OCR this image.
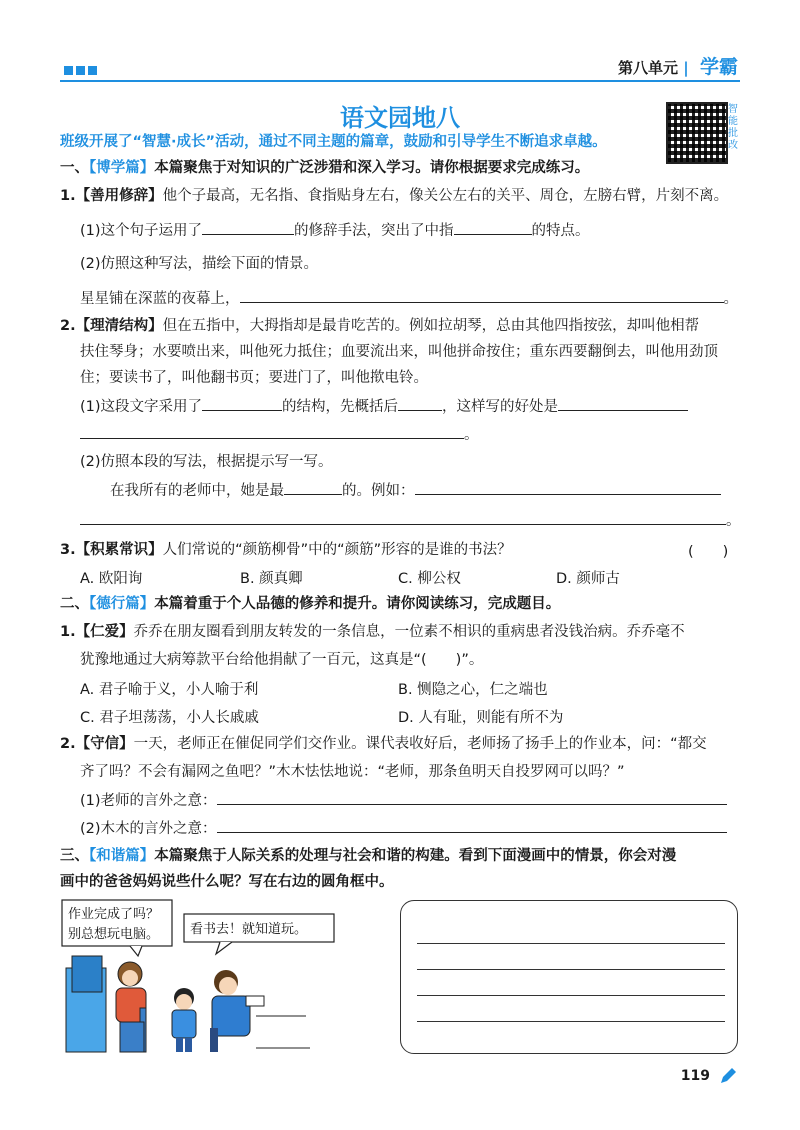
第八单元 | 学霸
语文园地八	智能批改
班级开展了“智慧·成长”活动，通过不同主题的篇章，鼓励和引导学生不断追求卓越。
一、【博学篇】本篇聚焦于对知识的广泛涉猎和深入学习。请你根据要求完成练习。
1.【善用修辞】他个子最高，无名指、食指贴身左右，像关公左右的关平、周仓，左膀右臂，片刻不离。
(1)这个句子运用了	的修辞手法，突出了中指	的特点。
(2)仿照这种写法，描绘下面的情景。
星星铺在深蓝的夜幕上，	。
2.【理清结构】但在五指中，大拇指却是最肯吃苦的。例如拉胡琴，总由其他四指按弦，却叫他相帮
扶住琴身；水要喷出来，叫他死力抵住；血要流出来，叫他拼命按住；重东西要翻倒去，叫他用劲顶
住；要读书了，叫他翻书页；要进门了，叫他揿电铃。
(1)这段文字采用了	的结构，先概括后	，这样写的好处是
。
(2)仿照本段的写法，根据提示写一写。
在我所有的老师中，她是最	的。例如：
。
3.【积累常识】人们常说的“颜筋柳骨”中的“颜筋”形容的是谁的书法？	(　　)
A. 欧阳询	B. 颜真卿	C. 柳公权	D. 颜师古
二、【德行篇】本篇着重于个人品德的修养和提升。请你阅读练习，完成题目。
1.【仁爱】乔乔在朋友圈看到朋友转发的一条信息，一位素不相识的重病患者没钱治病。乔乔毫不
犹豫地通过大病筹款平台给他捐献了一百元，这真是“(　　)”。
A. 君子喻于义，小人喻于利	B. 恻隐之心，仁之端也
C. 君子坦荡荡，小人长戚戚	D. 人有耻，则能有所不为
2.【守信】一天，老师正在催促同学们交作业。课代表收好后，老师扬了扬手上的作业本，问：“都交
齐了吗？不会有漏网之鱼吧？”木木怯怯地说：“老师，那条鱼明天自投罗网可以吗？”
(1)老师的言外之意：
(2)木木的言外之意：
三、【和谐篇】本篇聚焦于人际关系的处理与社会和谐的构建。看到下面漫画中的情景，你会对漫
画中的爸爸妈妈说些什么呢？写在右边的圆角框中。
作业完成了吗？
别总想玩电脑。 看书去！就知道玩。
119
